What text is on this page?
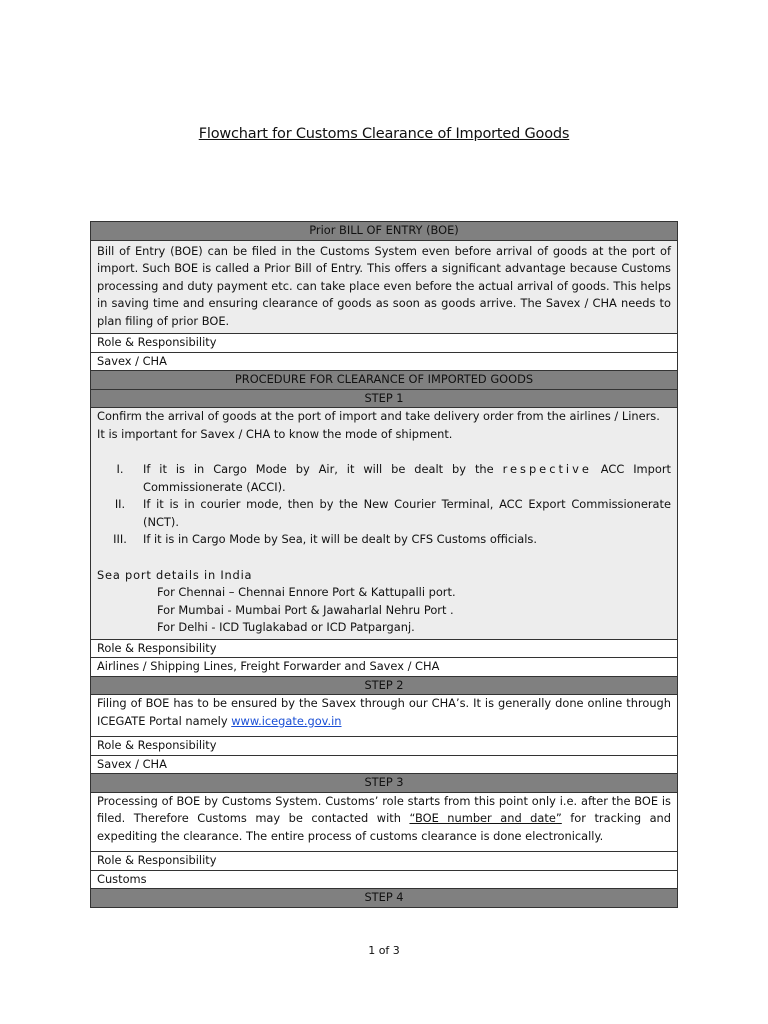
Flowchart for Customs Clearance of Imported Goods
Prior BILL OF ENTRY (BOE)
Bill of Entry (BOE) can be filed in the Customs System even before arrival of goods at the port of import. Such BOE is called a Prior Bill of Entry. This offers a significant advantage because Customs processing and duty payment etc. can take place even before the actual arrival of goods. This helps in saving time and ensuring clearance of goods as soon as goods arrive. The Savex / CHA needs to plan filing of prior BOE.
Role & Responsibility
Savex / CHA
PROCEDURE FOR CLEARANCE OF IMPORTED GOODS
STEP 1

Confirm the arrival of goods at the port of import and take delivery order from the airlines / Liners.
It is important for Savex / CHA to know the mode of shipment.
I.	If it is in Cargo Mode by Air, it will be dealt by the respective ACC Import Commissionerate (ACCI).
II.	If it is in courier mode, then by the New Courier Terminal, ACC Export Commissionerate (NCT).
III.	If it is in Cargo Mode by Sea, it will be dealt by CFS Customs officials.
Sea port details in India
For Chennai – Chennai Ennore Port & Kattupalli port.
For Mumbai - Mumbai Port & Jawaharlal Nehru Port .
For Delhi - ICD Tuglakabad or ICD Patparganj.

Role & Responsibility
Airlines / Shipping Lines, Freight Forwarder and Savex / CHA
STEP 2
Filing of BOE has to be ensured by the Savex through our CHA’s. It is generally done online through ICEGATE Portal namely www.icegate.gov.in
Role & Responsibility
Savex / CHA
STEP 3
Processing of BOE by Customs System. Customs’ role starts from this point only i.e. after the BOE is filed. Therefore Customs may be contacted with “BOE number and date” for tracking and expediting the clearance. The entire process of customs clearance is done electronically.
Role & Responsibility
Customs
STEP 4
1 of 3
